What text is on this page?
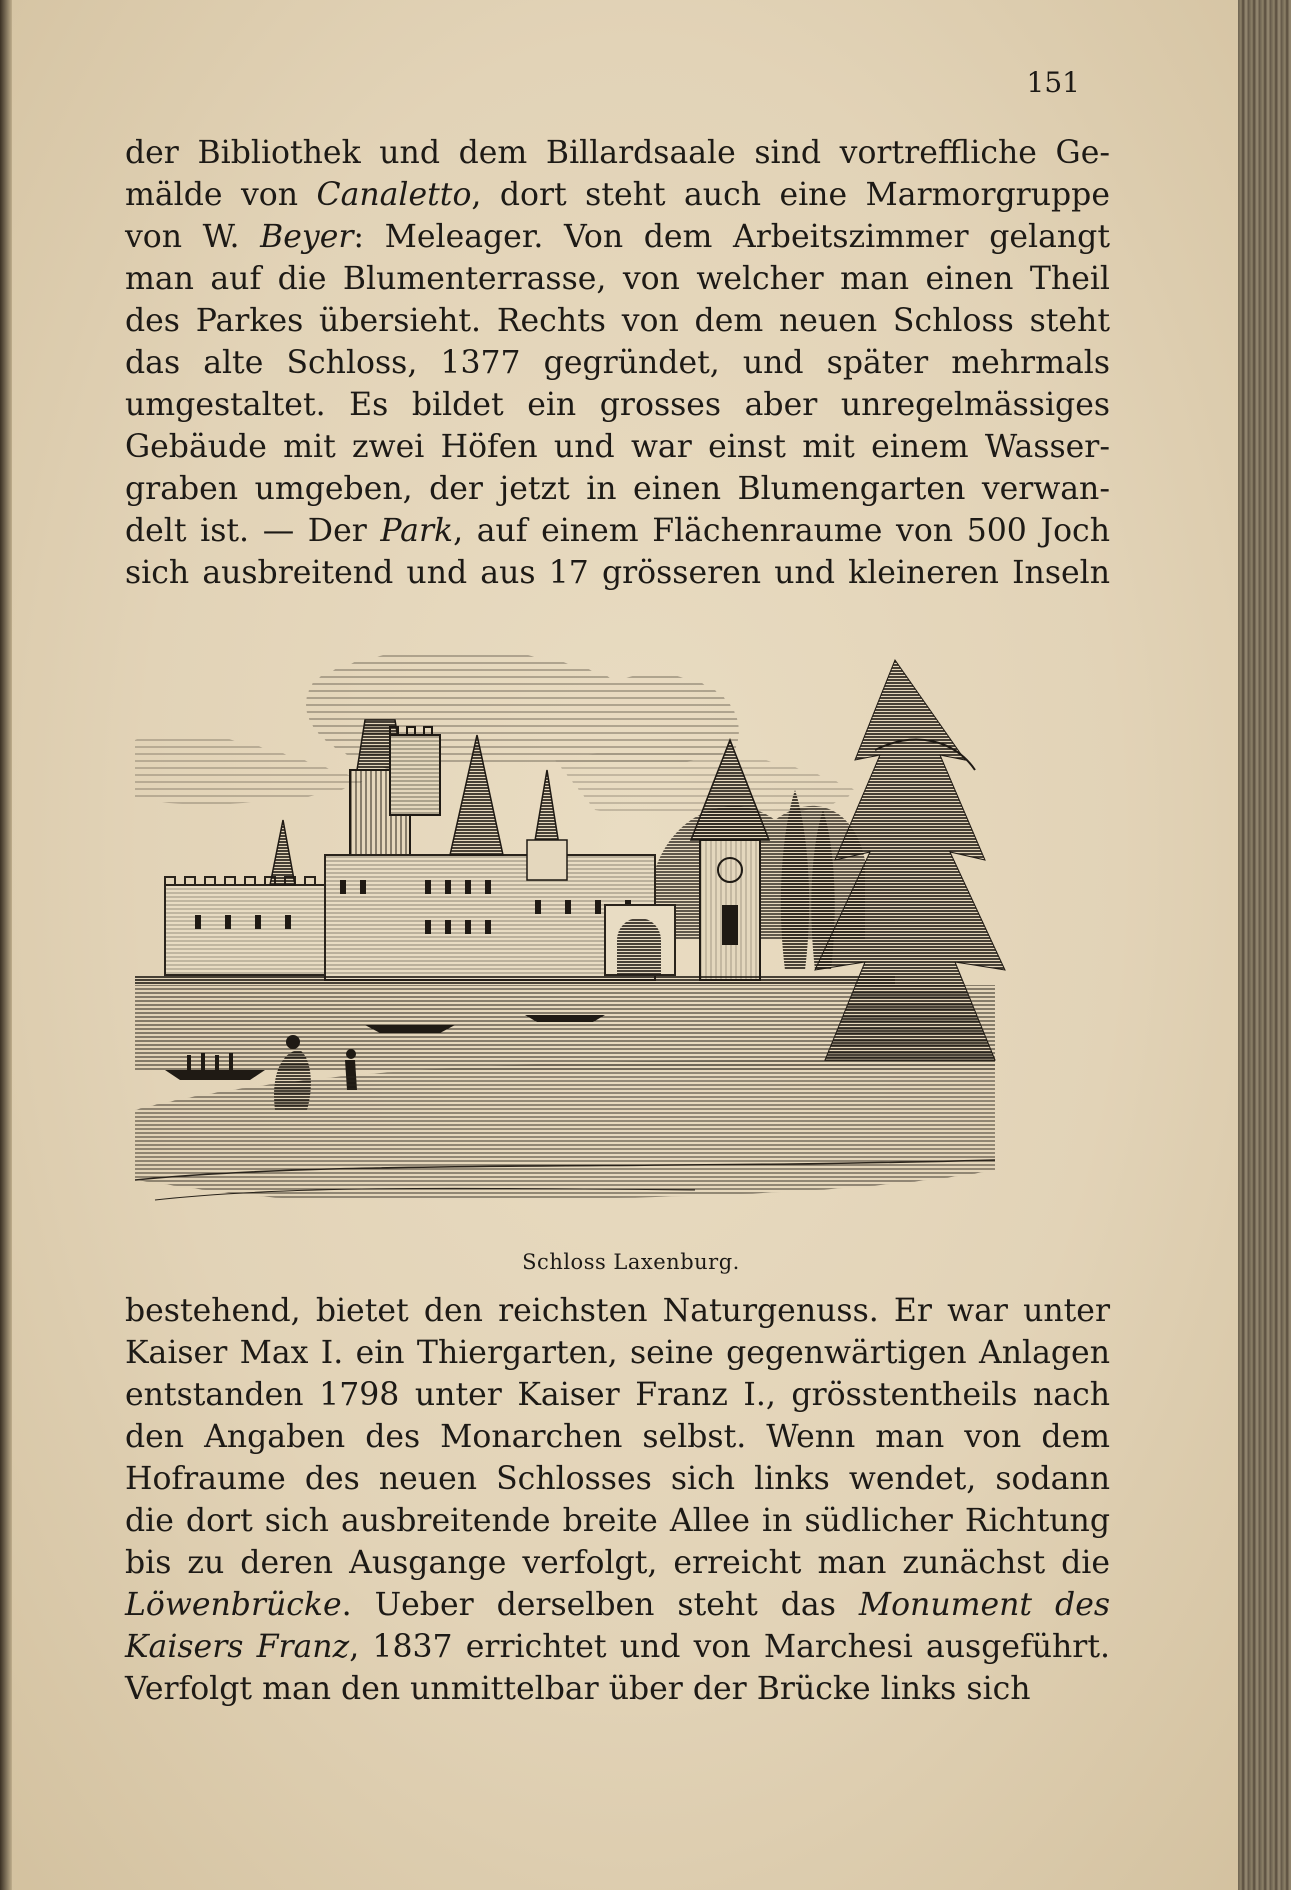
151
der Bibliothek und dem Billardsaale sind vortreffliche Ge-
mälde von Canaletto, dort steht auch eine Marmorgruppe
von W. Beyer: Meleager. Von dem Arbeitszimmer gelangt
man auf die Blumenterrasse, von welcher man einen Theil
des Parkes übersieht. Rechts von dem neuen Schloss steht
das alte Schloss, 1377 gegründet, und später mehrmals
umgestaltet. Es bildet ein grosses aber unregelmässiges
Gebäude mit zwei Höfen und war einst mit einem Wasser-
graben umgeben, der jetzt in einen Blumengarten verwan-
delt ist. — Der Park, auf einem Flächenraume von 500 Joch
sich ausbreitend und aus 17 grösseren und kleineren Inseln
Schloss Laxenburg.
bestehend, bietet den reichsten Naturgenuss. Er war unter
Kaiser Max I. ein Thiergarten, seine gegenwärtigen Anlagen
entstanden 1798 unter Kaiser Franz I., grösstentheils nach
den Angaben des Monarchen selbst. Wenn man von dem
Hofraume des neuen Schlosses sich links wendet, sodann
die dort sich ausbreitende breite Allee in südlicher Richtung
bis zu deren Ausgange verfolgt, erreicht man zunächst die
Löwenbrücke. Ueber derselben steht das Monument des
Kaisers Franz, 1837 errichtet und von Marchesi ausgeführt.
Verfolgt man den unmittelbar über der Brücke links sich
